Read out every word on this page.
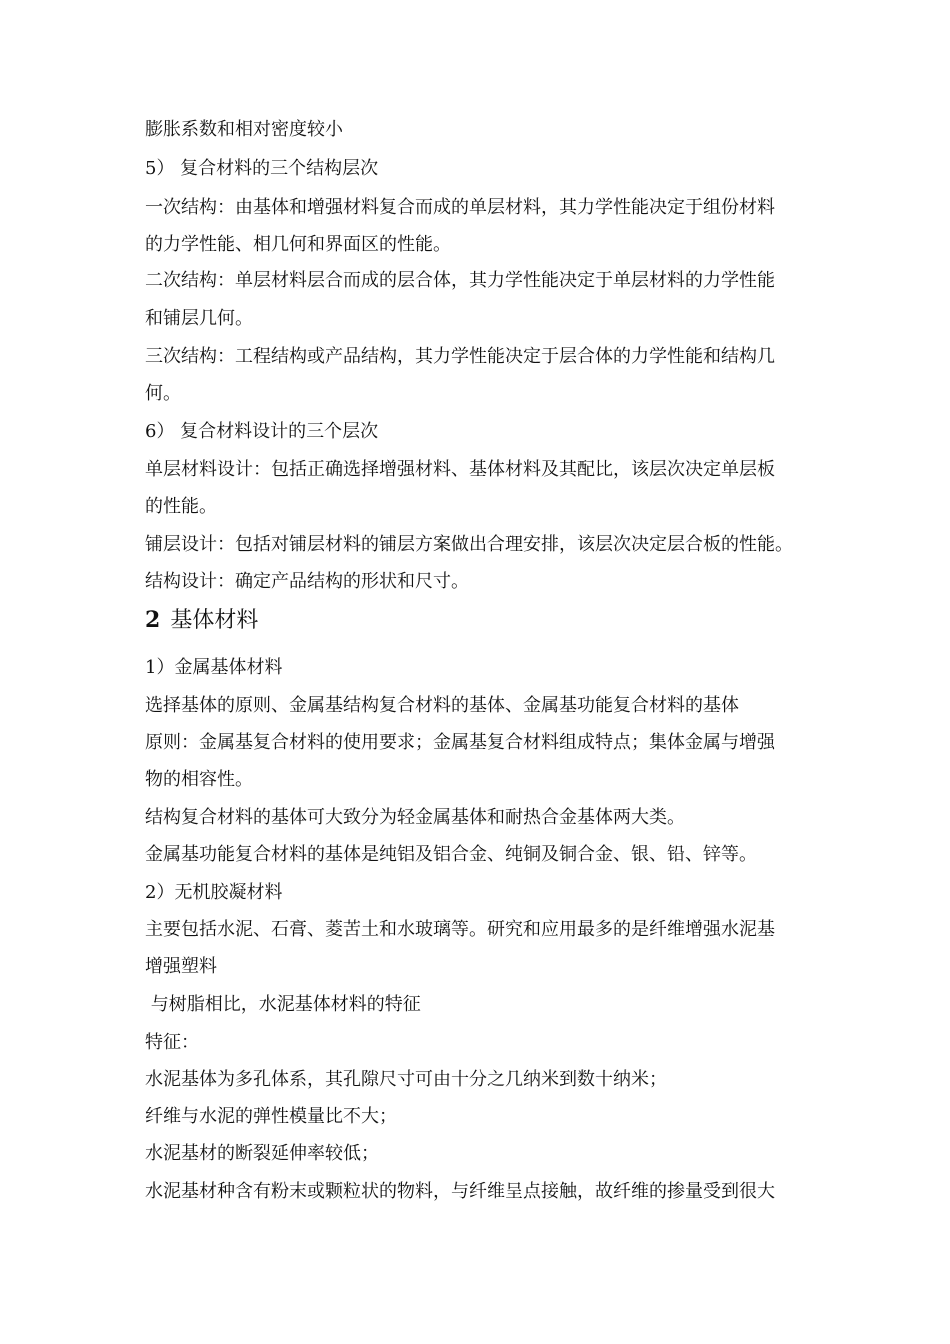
膨胀系数和相对密度较小
5） 复合材料的三个结构层次
一次结构：由基体和增强材料复合而成的单层材料，其力学性能决定于组份材料
的力学性能、相几何和界面区的性能。
二次结构：单层材料层合而成的层合体，其力学性能决定于单层材料的力学性能
和铺层几何。
三次结构：工程结构或产品结构，其力学性能决定于层合体的力学性能和结构几
何。
6） 复合材料设计的三个层次
单层材料设计：包括正确选择增强材料、基体材料及其配比，该层次决定单层板
的性能。
铺层设计：包括对铺层材料的铺层方案做出合理安排，该层次决定层合板的性能。
结构设计：确定产品结构的形状和尺寸。
2 基体材料
1）金属基体材料
选择基体的原则、金属基结构复合材料的基体、金属基功能复合材料的基体
原则：金属基复合材料的使用要求；金属基复合材料组成特点；集体金属与增强
物的相容性。
结构复合材料的基体可大致分为轻金属基体和耐热合金基体两大类。
金属基功能复合材料的基体是纯铝及铝合金、纯铜及铜合金、银、铅、锌等。
2）无机胶凝材料
主要包括水泥、石膏、菱苦土和水玻璃等。研究和应用最多的是纤维增强水泥基
增强塑料
与树脂相比，水泥基体材料的特征
特征：
水泥基体为多孔体系，其孔隙尺寸可由十分之几纳米到数十纳米；
纤维与水泥的弹性模量比不大；
水泥基材的断裂延伸率较低；
水泥基材种含有粉末或颗粒状的物料，与纤维呈点接触，故纤维的掺量受到很大
